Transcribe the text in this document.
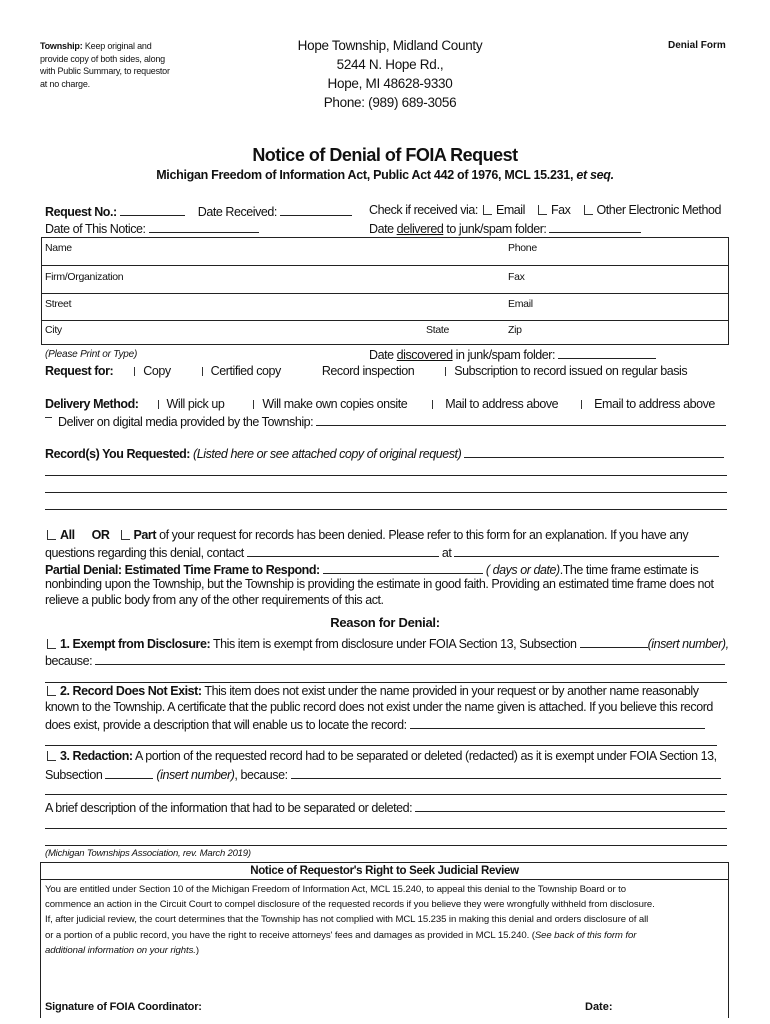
Township: Keep original and provide copy of both sides, along with Public Summary, to requestor at no charge.
Hope Township, Midland County
5244 N. Hope Rd.,
Hope, MI 48628-9330
Phone: (989) 689-3056
Denial Form
Notice of Denial of FOIA Request
Michigan Freedom of Information Act, Public Act 442 of 1976, MCL 15.231, et seq.
Request No.:	Date Received:
Date of This Notice:
Check if received via: Email Fax Other Electronic Method
Date delivered to junk/spam folder:
Name	Phone
Firm/Organization	Fax
Street	Email
City	State	Zip
(Please Print or Type)	Date discovered in junk/spam folder:
Request for: Copy	Certified copy	Record inspection	Subscription to record issued on regular basis
Delivery Method: Will pick up	Will make own copies onsite	Mail to address above	Email to address above
Deliver on digital media provided by the Township:
Record(s) You Requested: (Listed here or see attached copy of original request)
All OR Part of your request for records has been denied. Please refer to this form for an explanation. If you have any
questions regarding this denial, contact	at
Partial Denial: Estimated Time Frame to Respond:	( days or date).The time frame estimate is
nonbinding upon the Township, but the Township is providing the estimate in good faith. Providing an estimated time frame does not
relieve a public body from any of the other requirements of this act.
Reason for Denial:
1. Exempt from Disclosure: This item is exempt from disclosure under FOIA Section 13, Subsection	(insert number),
because:
2. Record Does Not Exist: This item does not exist under the name provided in your request or by another name reasonably
known to the Township. A certificate that the public record does not exist under the name given is attached. If you believe this record
does exist, provide a description that will enable us to locate the record:
3. Redaction: A portion of the requested record had to be separated or deleted (redacted) as it is exempt under FOIA Section 13,
Subsection	(insert number), because:
A brief description of the information that had to be separated or deleted:
(Michigan Townships Association, rev. March 2019)
Notice of Requestor's Right to Seek Judicial Review
You are entitled under Section 10 of the Michigan Freedom of Information Act, MCL 15.240, to appeal this denial to the Township Board or to
commence an action in the Circuit Court to compel disclosure of the requested records if you believe they were wrongfully withheld from disclosure.
If, after judicial review, the court determines that the Township has not complied with MCL 15.235 in making this denial and orders disclosure of all
or a portion of a public record, you have the right to receive attorneys' fees and damages as provided in MCL 15.240. (See back of this form for
additional information on your rights.)
Signature of FOIA Coordinator:	Date:
